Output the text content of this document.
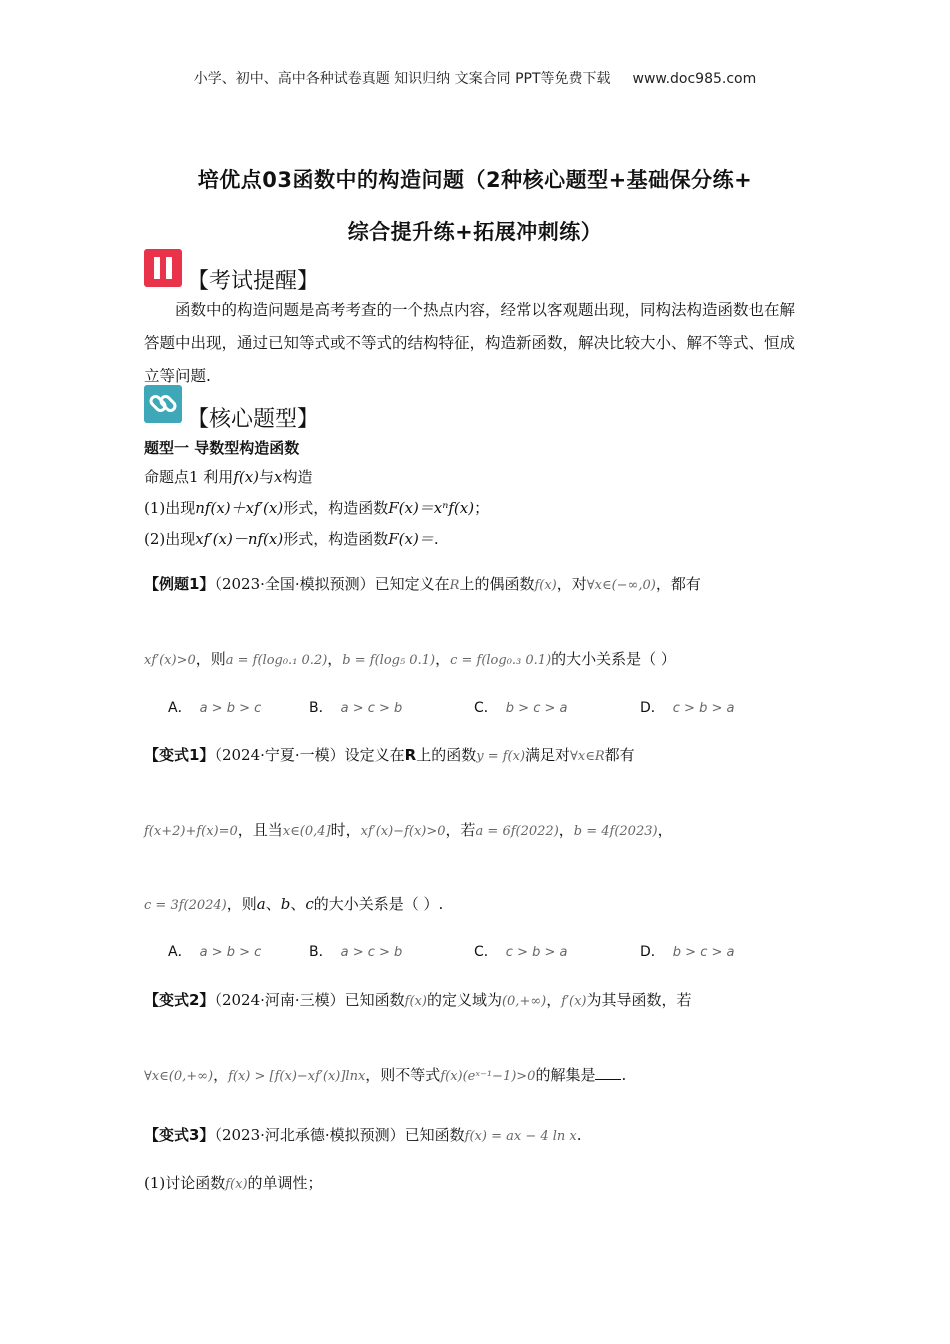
小学、初中、高中各种试卷真题 知识归纳 文案合同 PPT等免费下载 www.doc985.com
培优点03函数中的构造问题（2种核心题型+基础保分练+
综合提升练+拓展冲刺练）
【考试提醒】
函数中的构造问题是高考考查的一个热点内容，经常以客观题出现，同构法构造函数也在解答题中出现，通过已知等式或不等式的结构特征，构造新函数，解决比较大小、解不等式、恒成立等问题.
【核心题型】
题型一 导数型构造函数
命题点1 利用f(x)与x构造
(1)出现nf(x)＋xf′(x)形式，构造函数F(x)＝xⁿf(x)；
(2)出现xf′(x)－nf(x)形式，构造函数F(x)＝.
【例题1】（2023·全国·模拟预测）已知定义在R上的偶函数f(x)，对∀x∈(−∞,0)，都有
xf′(x)>0，则a = f(log₀.₁ 0.2)，b = f(log₅ 0.1)，c = f(log₀.₃ 0.1)的大小关系是（ ）
A． a > b > c	B． a > c > b	C． b > c > a	D． c > b > a
【变式1】（2024·宁夏·一模）设定义在R上的函数y = f(x)满足对∀x∈R都有
f(x+2)+f(x)=0，且当x∈(0,4]时，xf′(x)−f(x)>0，若a = 6f(2022)，b = 4f(2023)，
c = 3f(2024)，则a、b、c的大小关系是（ ）.
A． a > b > c	B． a > c > b	C． c > b > a	D． b > c > a
【变式2】（2024·河南·三模）已知函数f(x)的定义域为(0,+∞)，f′(x)为其导函数，若
∀x∈(0,+∞)，f(x) > [f(x)−xf′(x)]lnx，则不等式f(x)(eˣ⁻¹−1)>0的解集是 .
【变式3】（2023·河北承德·模拟预测）已知函数f(x) = ax − 4 ln x.
(1)讨论函数f(x)的单调性；
